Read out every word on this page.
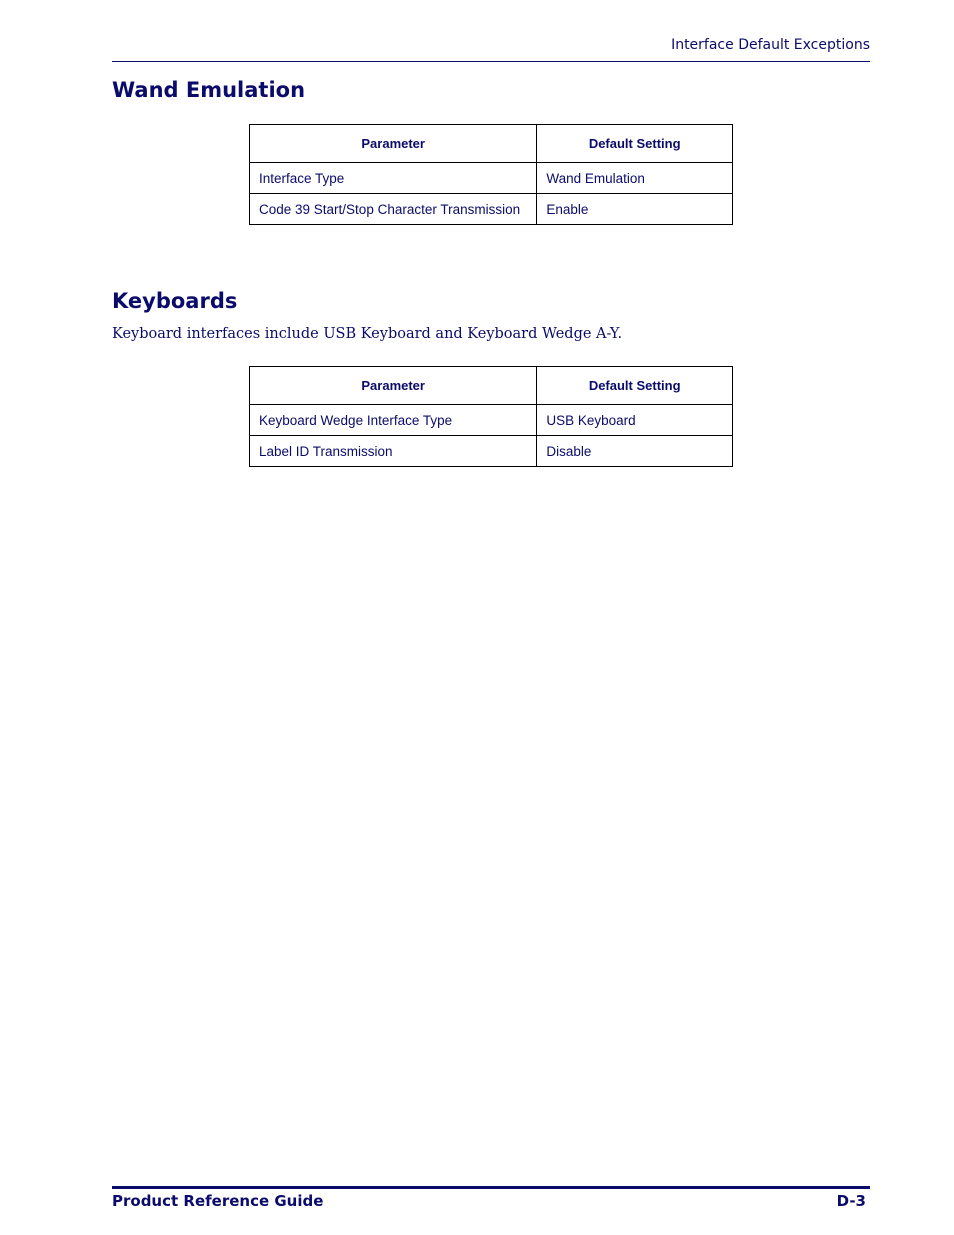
Interface Default Exceptions
Wand Emulation
Parameter	Default Setting
Interface Type	Wand Emulation
Code 39 Start/Stop Character Transmission	Enable
Keyboards

Keyboard interfaces include USB Keyboard and Keyboard Wedge A-Y.

Parameter	Default Setting
Keyboard Wedge Interface Type	USB Keyboard
Label ID Transmission	Disable
Product Reference Guide	D-3
